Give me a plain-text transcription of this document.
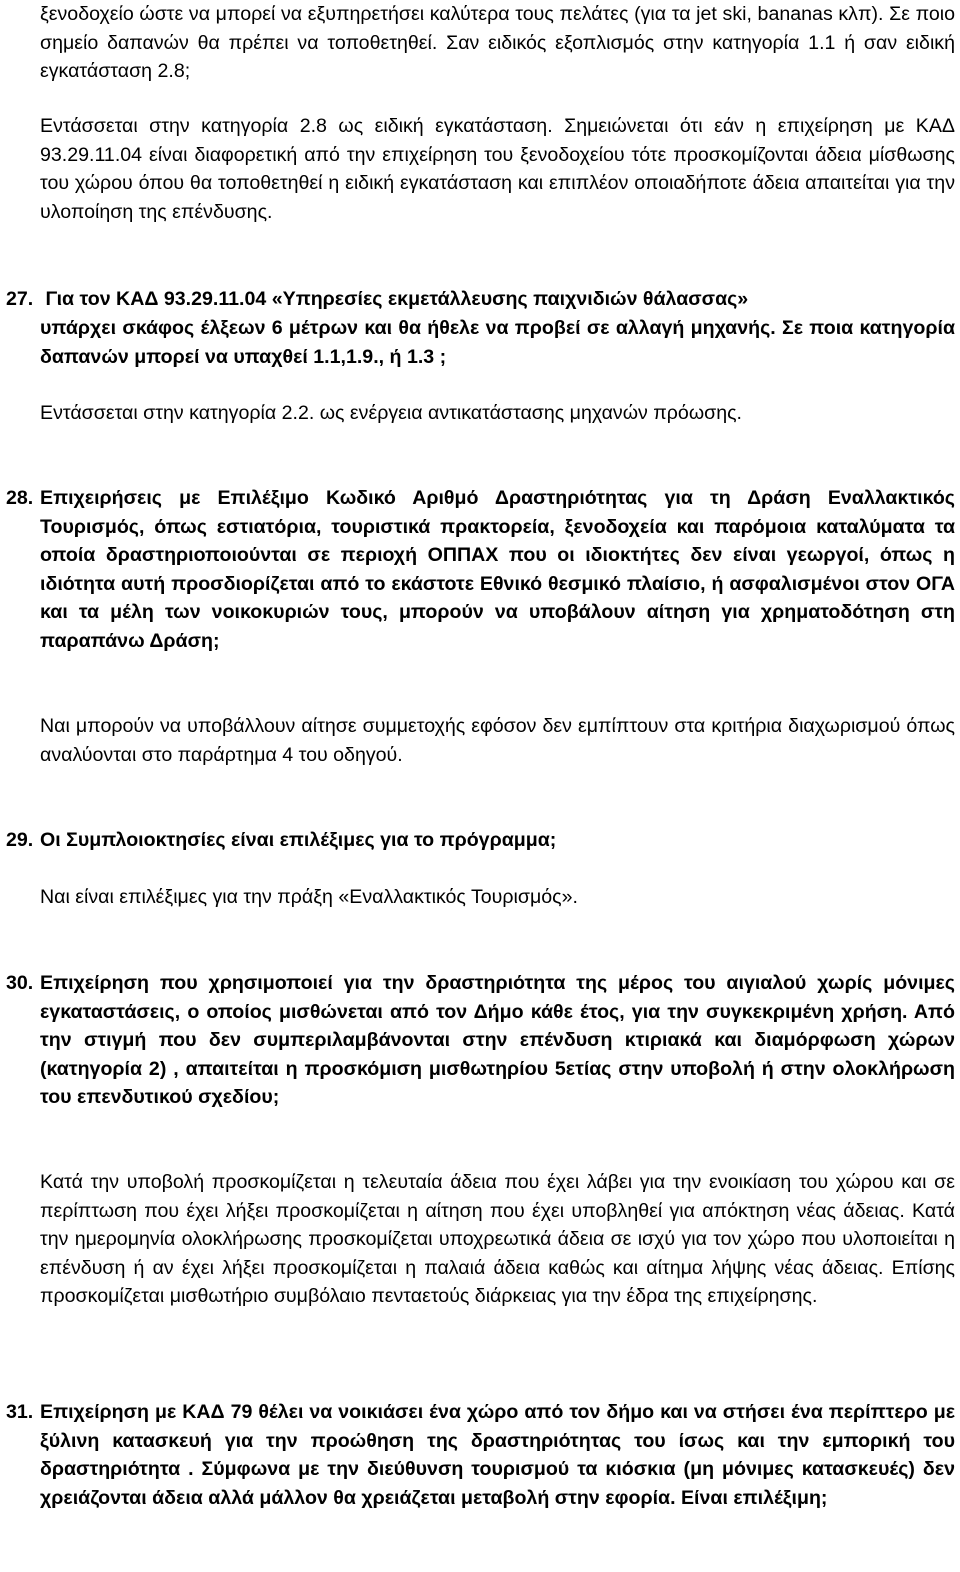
ξενοδοχείο ώστε να μπορεί να εξυπηρετήσει καλύτερα τους πελάτες (για τα jet ski, bananas κλπ). Σε ποιο σημείο δαπανών θα πρέπει να τοποθετηθεί. Σαν ειδικός εξοπλισμός στην κατηγορία 1.1 ή σαν ειδική εγκατάσταση 2.8;

Εντάσσεται στην κατηγορία 2.8 ως ειδική εγκατάσταση. Σημειώνεται ότι εάν η επιχείρηση με ΚΑΔ 93.29.11.04 είναι διαφορετική από την επιχείρηση του ξενοδοχείου τότε προσκομίζονται άδεια μίσθωσης του χώρου όπου θα τοποθετηθεί η ειδική εγκατάσταση και επιπλέον οποιαδήποτε άδεια απαιτείται για την υλοποίηση της επένδυσης.

27. Για τον ΚΑΔ 93.29.11.04 «Υπηρεσίες εκμετάλλευσης παιχνιδιών θάλασσας»

υπάρχει σκάφος έλξεων 6 μέτρων και θα ήθελε να προβεί σε αλλαγή μηχανής. Σε ποια κατηγορία δαπανών μπορεί να υπαχθεί 1.1,1.9., ή 1.3 ;

Εντάσσεται στην κατηγορία 2.2. ως ενέργεια αντικατάστασης μηχανών πρόωσης.

28. Επιχειρήσεις με Επιλέξιμο Κωδικό Αριθμό Δραστηριότητας για τη Δράση Εναλλακτικός Τουρισμός, όπως εστιατόρια, τουριστικά πρακτορεία, ξενοδοχεία και παρόμοια καταλύματα τα οποία δραστηριοποιούνται σε περιοχή ΟΠΠΑΧ που οι ιδιοκτήτες δεν είναι γεωργοί, όπως η ιδιότητα αυτή προσδιορίζεται από το εκάστοτε Εθνικό θεσμικό πλαίσιο, ή ασφαλισμένοι στον ΟΓΑ και τα μέλη των νοικοκυριών τους, μπορούν να υποβάλουν αίτηση για χρηματοδότηση στη παραπάνω Δράση;

Ναι μπορούν να υποβάλλουν αίτησε συμμετοχής εφόσον δεν εμπίπτουν στα κριτήρια διαχωρισμού όπως αναλύονται στο παράρτημα 4 του οδηγού.

29. Οι Συμπλοιοκτησίες είναι επιλέξιμες για το πρόγραμμα;

Ναι είναι επιλέξιμες για την πράξη «Εναλλακτικός Τουρισμός».

30. Επιχείρηση που χρησιμοποιεί για την δραστηριότητα της μέρος του αιγιαλού χωρίς μόνιμες εγκαταστάσεις, ο οποίος μισθώνεται από τον Δήμο κάθε έτος, για την συγκεκριμένη χρήση. Από την στιγμή που δεν συμπεριλαμβάνονται στην επένδυση κτιριακά και διαμόρφωση χώρων (κατηγορία 2) , απαιτείται η προσκόμιση μισθωτηρίου 5ετίας στην υποβολή ή στην ολοκλήρωση του επενδυτικού σχεδίου;

Κατά την υποβολή προσκομίζεται η τελευταία άδεια που έχει λάβει για την ενοικίαση του χώρου και σε περίπτωση που έχει λήξει προσκομίζεται η αίτηση που έχει υποβληθεί για απόκτηση νέας άδειας. Κατά την ημερομηνία ολοκλήρωσης προσκομίζεται υποχρεωτικά άδεια σε ισχύ για τον χώρο που υλοποιείται η επένδυση ή αν έχει λήξει προσκομίζεται η παλαιά άδεια καθώς και αίτημα λήψης νέας άδειας. Επίσης προσκομίζεται μισθωτήριο συμβόλαιο πενταετούς διάρκειας για την έδρα της επιχείρησης.

31. Επιχείρηση με ΚΑΔ 79 θέλει να νοικιάσει ένα χώρο από τον δήμο και να στήσει ένα περίπτερο με ξύλινη κατασκευή για την προώθηση της δραστηριότητας του ίσως και την εμπορική του δραστηριότητα . Σύμφωνα με την διεύθυνση τουρισμού τα κιόσκια (μη μόνιμες κατασκευές) δεν χρειάζονται άδεια αλλά μάλλον θα χρειάζεται μεταβολή στην εφορία. Είναι επιλέξιμη;
